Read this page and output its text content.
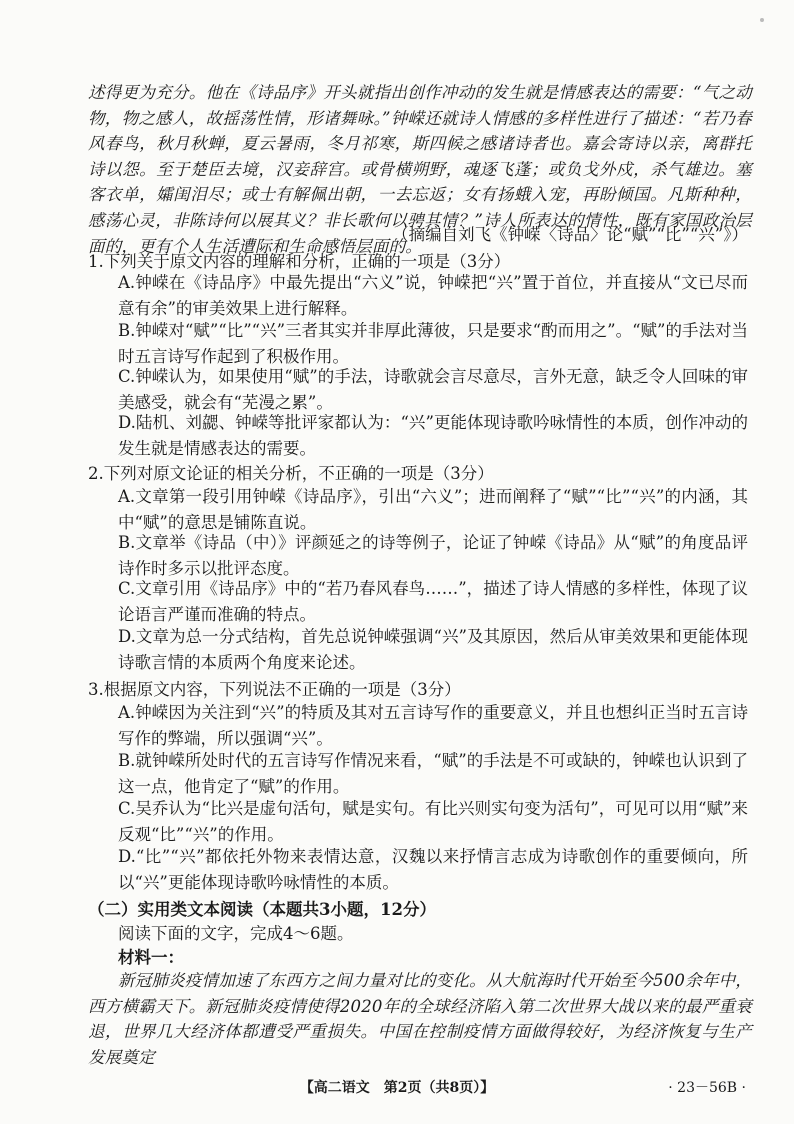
述得更为充分。他在《诗品序》开头就指出创作冲动的发生就是情感表达的需要：“气之动物，物之感人，故摇荡性情，形诸舞咏。”钟嵘还就诗人情感的多样性进行了描述：“若乃春风春鸟，秋月秋蝉，夏云暑雨，冬月祁寒，斯四候之感诸诗者也。嘉会寄诗以亲，离群托诗以怨。至于楚臣去境，汉妾辞宫。或骨横朔野，魂逐飞蓬；或负戈外戍，杀气雄边。塞客衣单，孀闺泪尽；或士有解佩出朝，一去忘返；女有扬蛾入宠，再盼倾国。凡斯种种，感荡心灵，非陈诗何以展其义？非长歌何以骋其情？”诗人所表达的情性，既有家国政治层面的，更有个人生活遭际和生命感悟层面的。

（摘编自刘飞《钟嵘〈诗品〉论“赋”“比”“兴”》）

1.下列关于原文内容的理解和分析，正确的一项是（3分）

A.钟嵘在《诗品序》中最先提出“六义”说，钟嵘把“兴”置于首位，并直接从“文已尽而意有余”的审美效果上进行解释。

B.钟嵘对“赋”“比”“兴”三者其实并非厚此薄彼，只是要求“酌而用之”。“赋”的手法对当时五言诗写作起到了积极作用。

C.钟嵘认为，如果使用“赋”的手法，诗歌就会言尽意尽，言外无意，缺乏令人回味的审美感受，就会有“芜漫之累”。

D.陆机、刘勰、钟嵘等批评家都认为：“兴”更能体现诗歌吟咏情性的本质，创作冲动的发生就是情感表达的需要。

2.下列对原文论证的相关分析，不正确的一项是（3分）

A.文章第一段引用钟嵘《诗品序》，引出“六义”；进而阐释了“赋”“比”“兴”的内涵，其中“赋”的意思是铺陈直说。

B.文章举《诗品（中）》评颜延之的诗等例子，论证了钟嵘《诗品》从“赋”的角度品评诗作时多示以批评态度。

C.文章引用《诗品序》中的“若乃春风春鸟……”，描述了诗人情感的多样性，体现了议论语言严谨而准确的特点。

D.文章为总一分式结构，首先总说钟嵘强调“兴”及其原因，然后从审美效果和更能体现诗歌言情的本质两个角度来论述。

3.根据原文内容，下列说法不正确的一项是（3分）

A.钟嵘因为关注到“兴”的特质及其对五言诗写作的重要意义，并且也想纠正当时五言诗写作的弊端，所以强调“兴”。

B.就钟嵘所处时代的五言诗写作情况来看，“赋”的手法是不可或缺的，钟嵘也认识到了这一点，他肯定了“赋”的作用。

C.吴乔认为“比兴是虚句活句，赋是实句。有比兴则实句变为活句”，可见可以用“赋”来反观“比”“兴”的作用。

D.“比”“兴”都依托外物来表情达意，汉魏以来抒情言志成为诗歌创作的重要倾向，所以“兴”更能体现诗歌吟咏情性的本质。

（二）实用类文本阅读（本题共3小题，12分）

阅读下面的文字，完成4～6题。

材料一：

新冠肺炎疫情加速了东西方之间力量对比的变化。从大航海时代开始至今500余年中，西方横霸天下。新冠肺炎疫情使得2020年的全球经济陷入第二次世界大战以来的最严重衰退，世界几大经济体都遭受严重损失。中国在控制疫情方面做得较好，为经济恢复与生产发展奠定

【高二语文　第2页（共8页）】	· 23－56B ·
